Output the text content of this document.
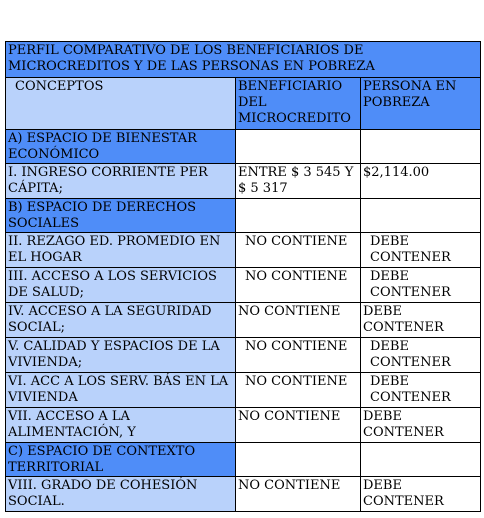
PERFIL COMPARATIVO DE LOS BENEFICIARIOS DE MICROCREDITOS Y DE LAS PERSONAS EN POBREZA		
CONCEPTOS	BENEFICIARIO DEL MICROCREDITO	PERSONA EN POBREZA
A) ESPACIO DE BIENESTAR ECONÓMICO		
I. INGRESO CORRIENTE PER CÁPITA;	ENTRE $ 3 545 Y $ 5 317	$2,114.00
B) ESPACIO DE DERECHOS SOCIALES		
II. REZAGO ED. PROMEDIO EN EL HOGAR	NO CONTIENE	DEBE CONTENER
III. ACCESO A LOS SERVICIOS DE SALUD;	NO CONTIENE	DEBE CONTENER
IV. ACCESO A LA SEGURIDAD SOCIAL;	NO CONTIENE	DEBE CONTENER
V. CALIDAD Y ESPACIOS DE LA VIVIENDA;	NO CONTIENE	DEBE CONTENER
VI. ACC A LOS SERV. BÁS EN LA VIVIENDA	NO CONTIENE	DEBE CONTENER
VII. ACCESO A LA ALIMENTACIÓN, Y	NO CONTIENE	DEBE CONTENER
C) ESPACIO DE CONTEXTO TERRITORIAL		
VIII. GRADO DE COHESIÓN SOCIAL.	NO CONTIENE	DEBE CONTENER
